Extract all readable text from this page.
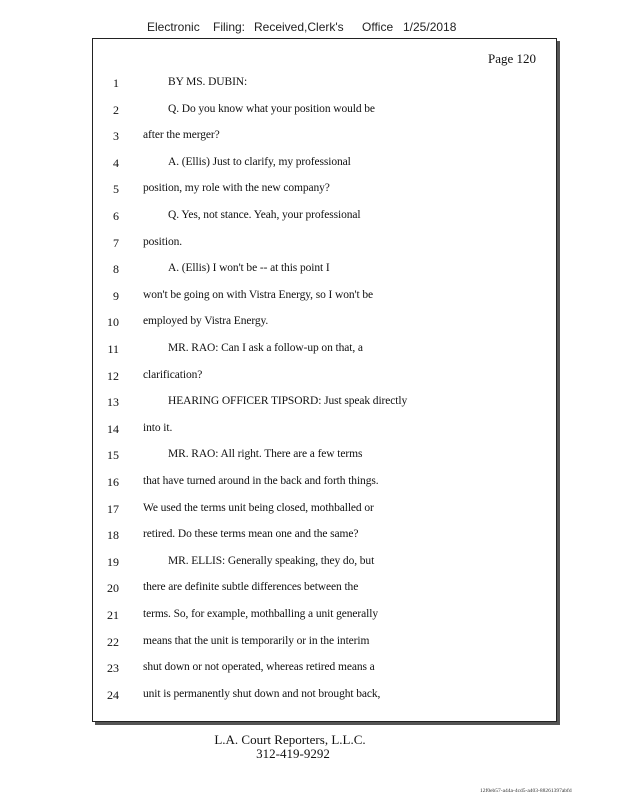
Electronic	Filing: Received,Clerk's	Office 1/25/2018
Page 120
1	BY MS. DUBIN:
2	Q. Do you know what your position would be
3 after the merger?
4	A. (Ellis) Just to clarify, my professional
5 position, my role with the new company?
6	Q. Yes, not stance. Yeah, your professional
7 position.
8	A. (Ellis) I won't be -- at this point I
9 won't be going on with Vistra Energy, so I won't be
10 employed by Vistra Energy.
11	MR. RAO: Can I ask a follow-up on that, a
12 clarification?
13	HEARING OFFICER TIPSORD: Just speak directly
14 into it.
15	MR. RAO: All right. There are a few terms
16 that have turned around in the back and forth things.
17 We used the terms unit being closed, mothballed or
18 retired. Do these terms mean one and the same?
19	MR. ELLIS: Generally speaking, they do, but
20 there are definite subtle differences between the
21 terms. So, for example, mothballing a unit generally
22 means that the unit is temporarily or in the interim
23 shut down or not operated, whereas retired means a
24 unit is permanently shut down and not brought back,
L.A. Court Reporters, L.L.C.
312-419-9292
12f0eb57-a44a-4cd5-a403-88261397abfd
